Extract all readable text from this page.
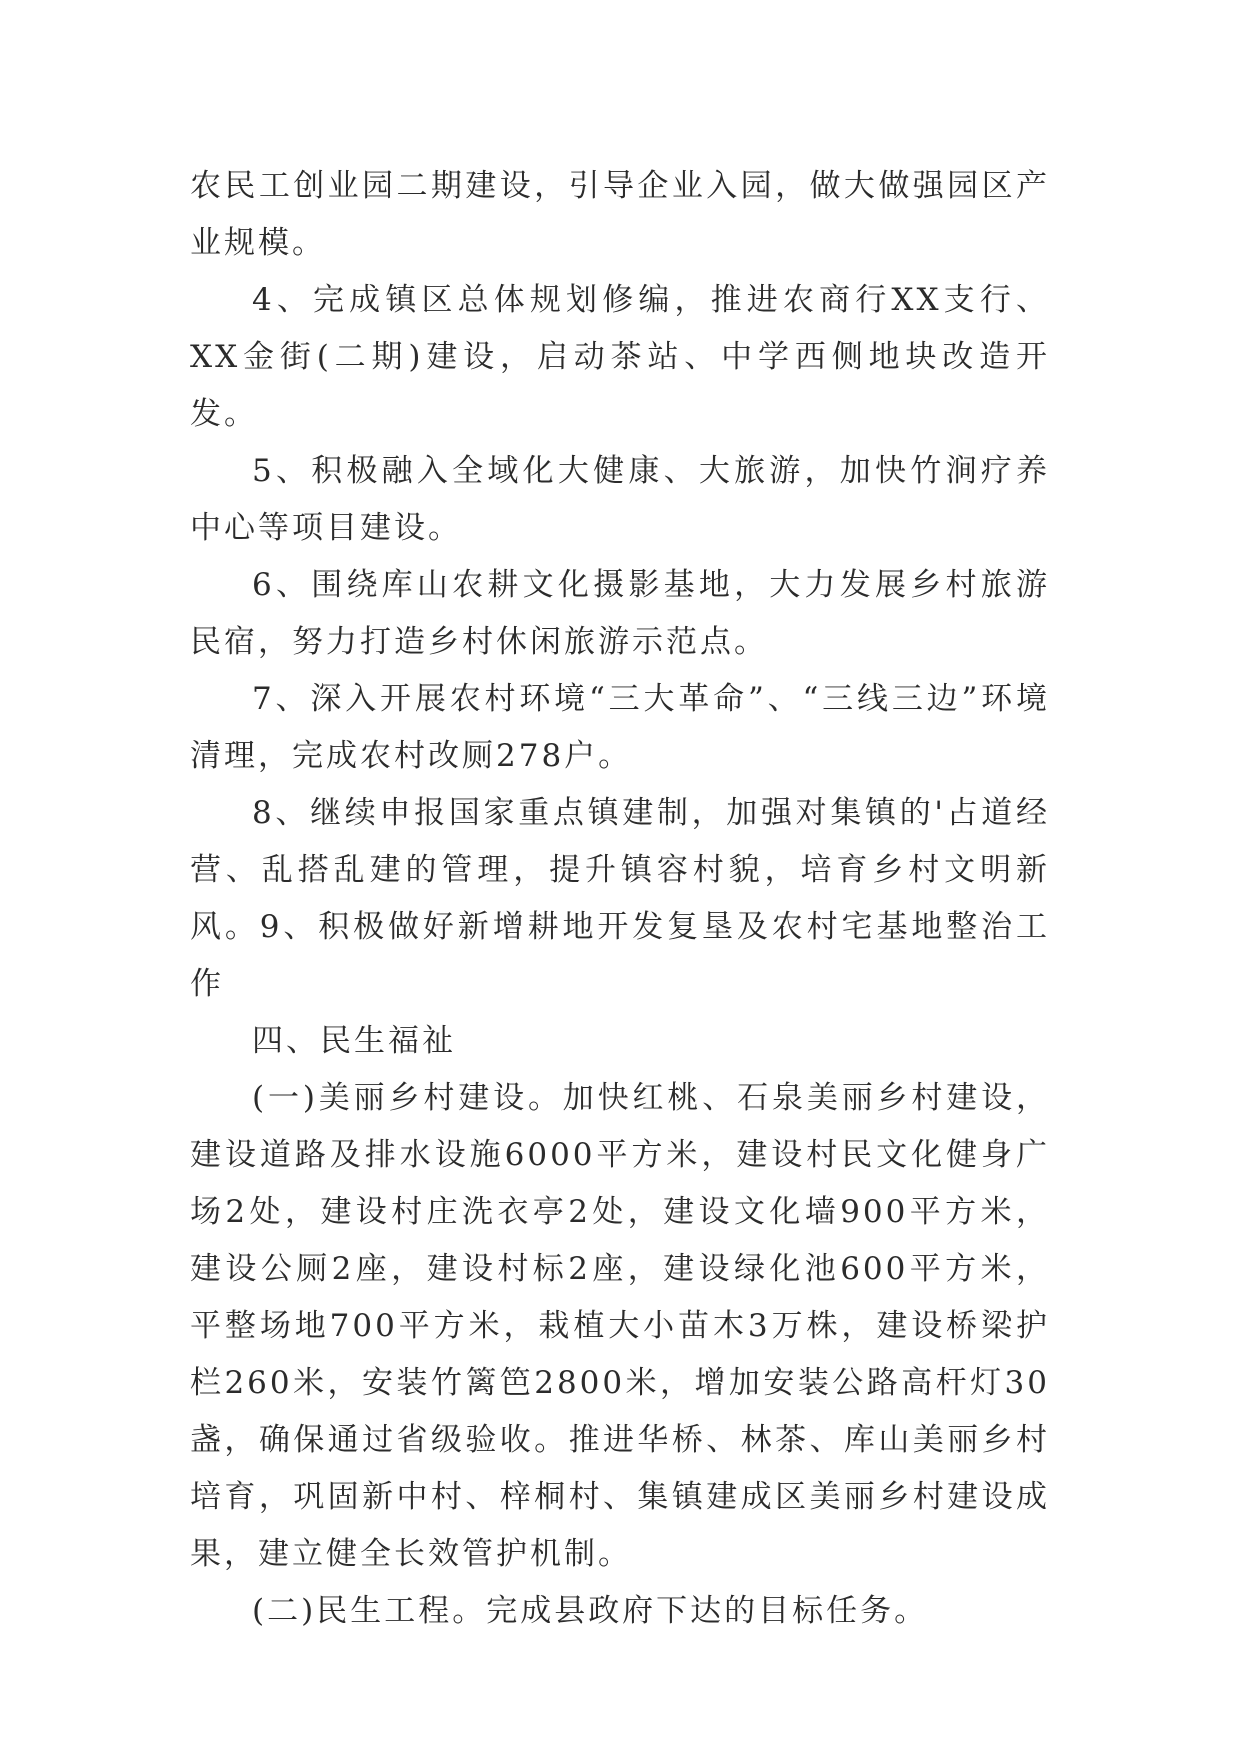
农民工创业园二期建设，引导企业入园，做大做强园区产业规模。

4、完成镇区总体规划修编，推进农商行XX支行、XX金街(二期)建设，启动茶站、中学西侧地块改造开发。

5、积极融入全域化大健康、大旅游，加快竹涧疗养中心等项目建设。

6、围绕库山农耕文化摄影基地，大力发展乡村旅游民宿，努力打造乡村休闲旅游示范点。

7、深入开展农村环境“三大革命”、“三线三边”环境清理，完成农村改厕278户。

8、继续申报国家重点镇建制，加强对集镇的'占道经营、乱搭乱建的管理，提升镇容村貌，培育乡村文明新风。9、积极做好新增耕地开发复垦及农村宅基地整治工作

四、民生福祉

(一)美丽乡村建设。加快红桃、石泉美丽乡村建设，建设道路及排水设施6000平方米，建设村民文化健身广场2处，建设村庄洗衣亭2处，建设文化墙900平方米，建设公厕2座，建设村标2座，建设绿化池600平方米，平整场地700平方米，栽植大小苗木3万株，建设桥梁护栏260米，安装竹篱笆2800米，增加安装公路高杆灯30盏，确保通过省级验收。推进华桥、林茶、库山美丽乡村培育，巩固新中村、梓桐村、集镇建成区美丽乡村建设成果，建立健全长效管护机制。

(二)民生工程。完成县政府下达的目标任务。
